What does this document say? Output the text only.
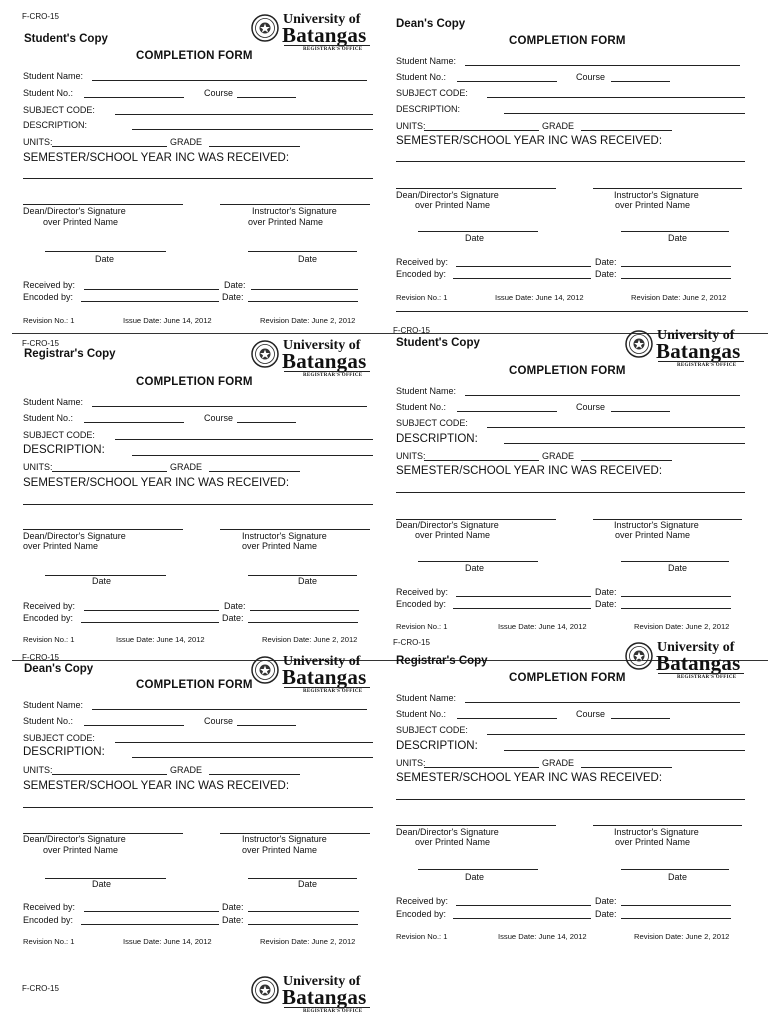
F-CRO-15
Student's Copy
University of
Batangas
REGISTRAR'S OFFICE
COMPLETION FORM
Student Name:
Student No.:	Course
SUBJECT CODE:
DESCRIPTION:
UNITS:	GRADE
SEMESTER/SCHOOL YEAR INC WAS RECEIVED:
Dean/Director's Signature
over Printed Name
Instructor's Signature
over Printed Name
Date	Date
Received by:	Date:
Encoded by:	Date:
Revision No.: 1	Issue Date: June 14, 2012	Revision Date: June 2, 2012
Dean's Copy
COMPLETION FORM
Student Name:
Student No.:	Course
SUBJECT CODE:
DESCRIPTION:
UNITS:	GRADE
SEMESTER/SCHOOL YEAR INC WAS RECEIVED:
Dean/Director's Signature
over Printed Name
Instructor's Signature
over Printed Name
Date	Date
Received by:	Date:
Encoded by:	Date:
Revision No.: 1	Issue Date: June 14, 2012	Revision Date: June 2, 2012
F-CRO-15
Registrar's Copy
University of
Batangas
REGISTRAR'S OFFICE
COMPLETION FORM
Student Name:
Student No.:	Course
SUBJECT CODE:
DESCRIPTION:
UNITS:	GRADE
SEMESTER/SCHOOL YEAR INC WAS RECEIVED:
Dean/Director's Signature
over Printed Name
Instructor's Signature
over Printed Name
Date	Date
Received by:	Date:
Encoded by:	Date:
Revision No.: 1	Issue Date: June 14, 2012	Revision Date: June 2, 2012
F-CRO-15
Student's Copy	University of
Batangas
REGISTRAR'S OFFICE
COMPLETION FORM
Student Name:
Student No.:	Course
SUBJECT CODE:
DESCRIPTION:
UNITS:	GRADE
SEMESTER/SCHOOL YEAR INC WAS RECEIVED:
Dean/Director's Signature
over Printed Name
Instructor's Signature
over Printed Name
Date	Date
Received by:	Date:
Encoded by:	Date:
Revision No.: 1	Issue Date: June 14, 2012	Revision Date: June 2, 2012
F-CRO-15
Dean's Copy	University of
Batangas
REGISTRAR'S OFFICE
COMPLETION FORM
Student Name:
Student No.:	Course
SUBJECT CODE:
DESCRIPTION:
UNITS:	GRADE
SEMESTER/SCHOOL YEAR INC WAS RECEIVED:
Dean/Director's Signature
over Printed Name
Instructor's Signature
over Printed Name
Date	Date
Received by:	Date:
Encoded by:	Date:
Revision No.: 1	Issue Date: June 14, 2012	Revision Date: June 2, 2012
F-CRO-15
Registrar's Copy
University of
Batangas
REGISTRAR'S OFFICE
COMPLETION FORM
Student Name:
Student No.:	Course
SUBJECT CODE:
DESCRIPTION:
UNITS:	GRADE
SEMESTER/SCHOOL YEAR INC WAS RECEIVED:
Dean/Director's Signature
over Printed Name
Instructor's Signature
over Printed Name
Date	Date
Received by:	Date:
Encoded by:	Date:
Revision No.: 1	Issue Date: June 14, 2012	Revision Date: June 2, 2012
F-CRO-15	University of
Batangas
REGISTRAR'S OFFICE
